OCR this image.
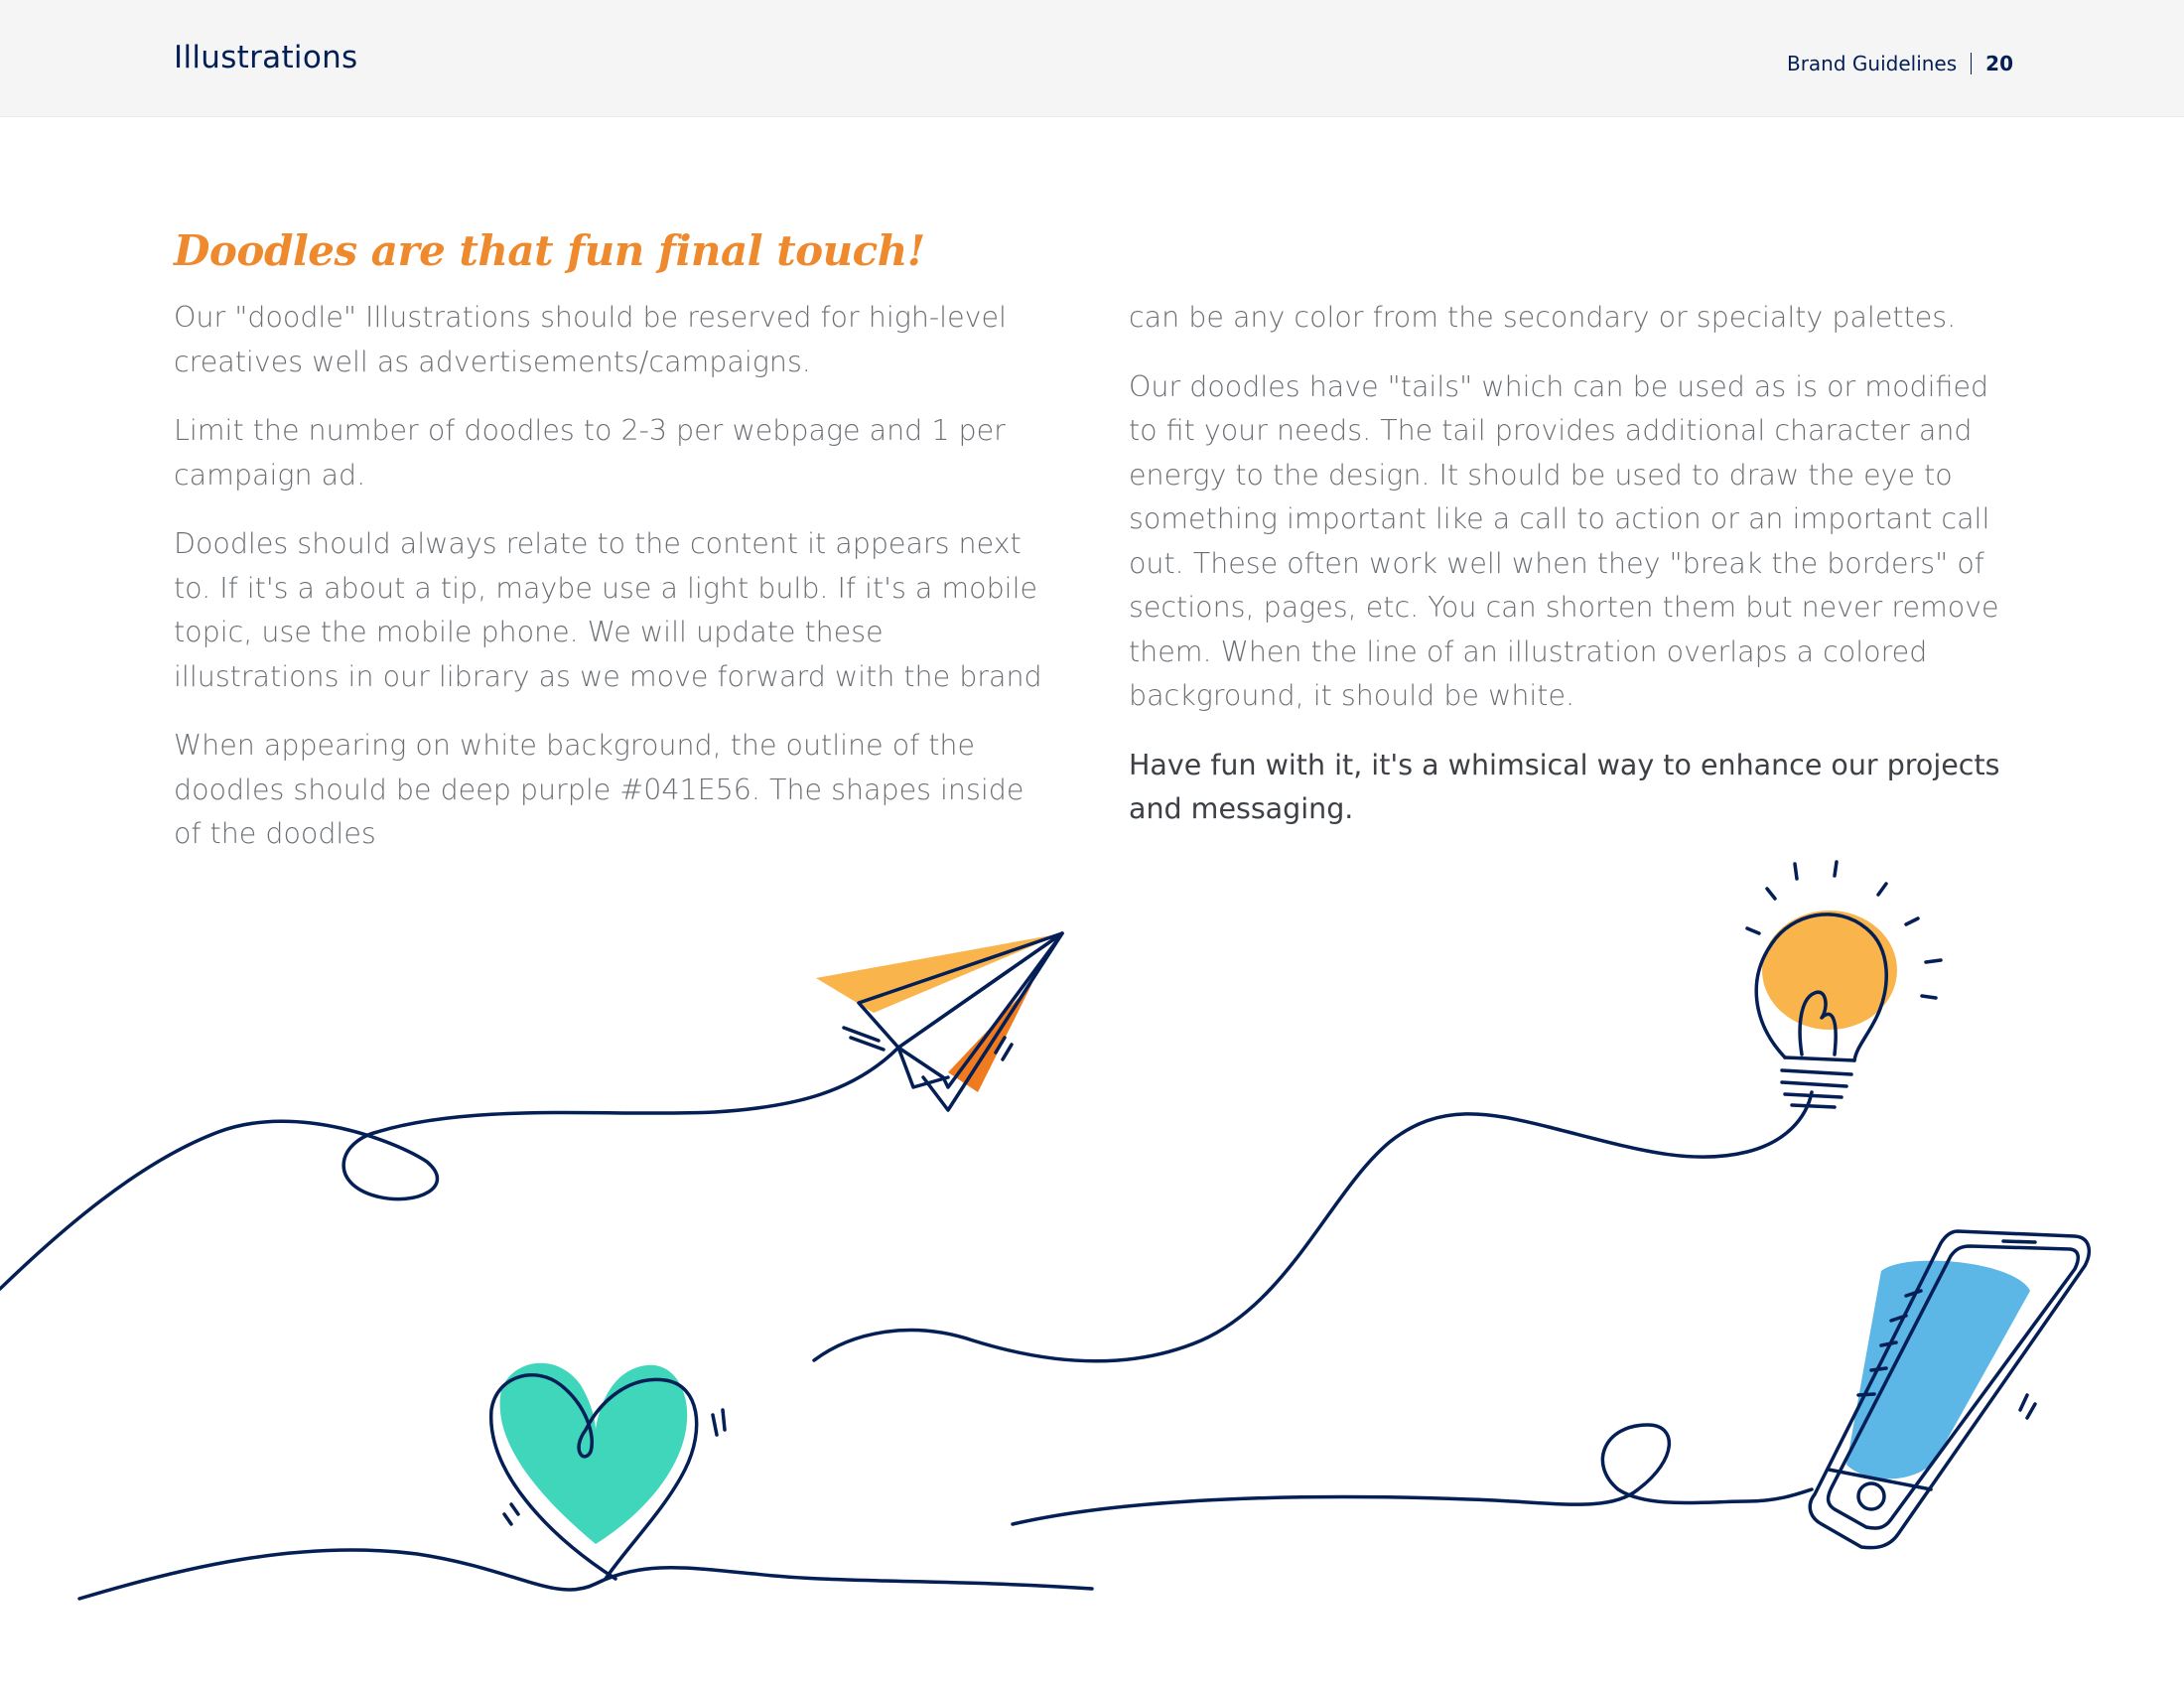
Illustrations	Brand Guidelines 20
Doodles are that fun final touch!

Our "doodle" Illustrations should be reserved for high-level creatives well as advertisements/campaigns.

Limit the number of doodles to 2-3 per webpage and 1 per campaign ad.

Doodles should always relate to the content it appears next to. If it's a about a tip, maybe use a light bulb. If it's a mobile topic, use the mobile phone. We will update these illustrations in our library as we move forward with the brand

When appearing on white background, the outline of the doodles should be deep purple #041E56. The shapes inside of the doodles

can be any color from the secondary or specialty palettes.

Our doodles have "tails" which can be used as is or modified to fit your needs. The tail provides additional character and energy to the design. It should be used to draw the eye to something important like a call to action or an important call out. These often work well when they "break the borders" of sections, pages, etc. You can shorten them but never remove them. When the line of an illustration overlaps a colored background, it should be white.

Have fun with it, it's a whimsical way to enhance our projects and messaging.
